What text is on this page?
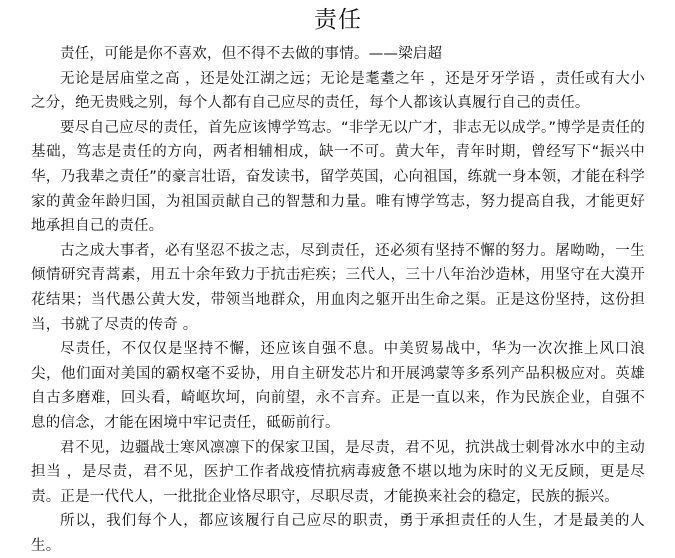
责任

责任，可能是你不喜欢，但不得不去做的事情。——梁启超

无论是居庙堂之高 ，还是处江湖之远；无论是耄耋之年 ，还是牙牙学语 ，责任或有大小之分，绝无贵贱之别，每个人都有自己应尽的责任，每个人都该认真履行自己的责任。

要尽自己应尽的责任，首先应该博学笃志。“非学无以广才，非志无以成学。”博学是责任的基础，笃志是责任的方向，两者相辅相成，缺一不可。黄大年，青年时期，曾经写下“振兴中华，乃我辈之责任”的豪言壮语，奋发读书，留学英国，心向祖国，练就一身本领，才能在科学家的黄金年龄归国，为祖国贡献自己的智慧和力量。唯有博学笃志，努力提高自我，才能更好地承担自己的责任。

古之成大事者，必有坚忍不拔之志，尽到责任，还必须有坚持不懈的努力。屠呦呦，一生倾情研究青蒿素，用五十余年致力于抗击疟疾；三代人，三十八年治沙造林，用坚守在大漠开花结果；当代愚公黄大发，带领当地群众，用血肉之躯开出生命之渠。正是这份坚持，这份担当，书就了尽责的传奇 。

尽责任，不仅仅是坚持不懈，还应该自强不息。中美贸易战中，华为一次次推上风口浪尖，他们面对美国的霸权毫不妥协，用自主研发芯片和开展鸿蒙等多系列产品积极应对。英雄自古多磨难，回头看，崎岖坎坷，向前望，永不言弃。正是一直以来，作为民族企业，自强不息的信念，才能在困境中牢记责任，砥砺前行。

君不见，边疆战士寒风凛凛下的保家卫国，是尽责，君不见，抗洪战士刺骨冰水中的主动担当 ，是尽责，君不见，医护工作者战疫情抗病毒疲惫不堪以地为床时的义无反顾，更是尽责。正是一代代人，一批批企业恪尽职守，尽职尽责，才能换来社会的稳定，民族的振兴。

所以，我们每个人，都应该履行自己应尽的职责，勇于承担责任的人生，才是最美的人生。
